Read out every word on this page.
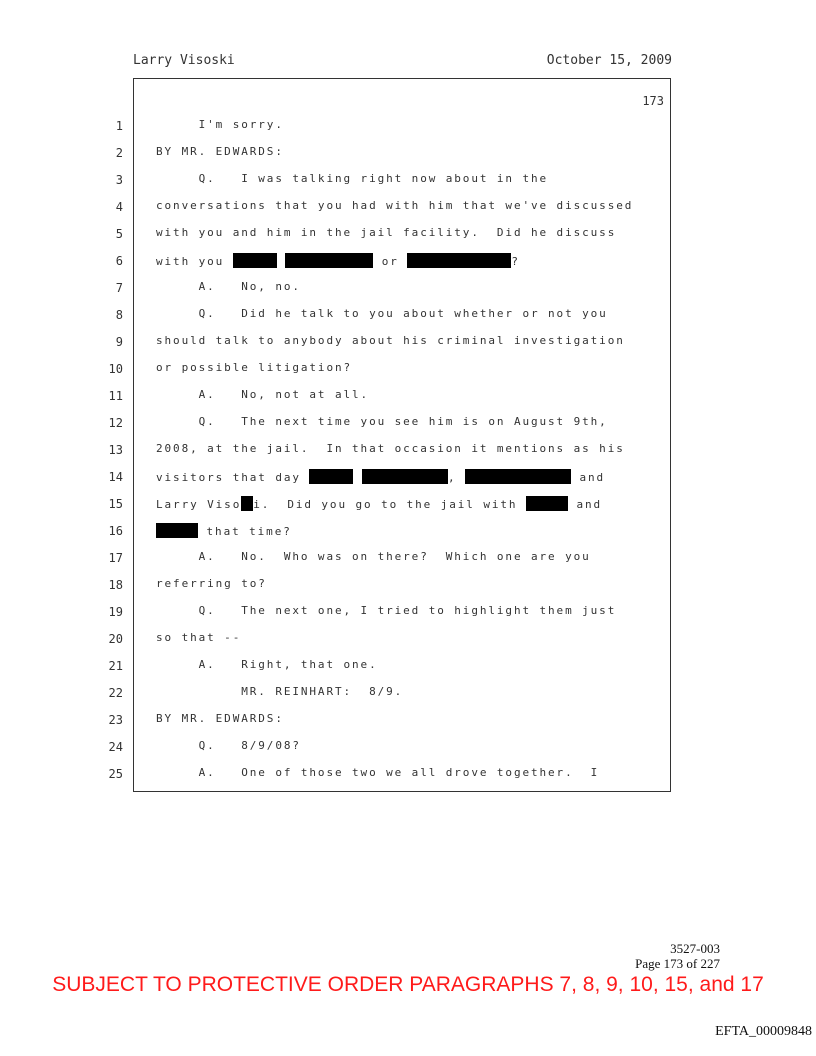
Larry Visoski	October 15, 2009
173
1	I'm sorry.
2	BY MR. EDWARDS:
3	Q.   I was talking right now about in the
4	conversations that you had with him that we've discussed
5	with you and him in the jail facility.  Did he discuss
6	with you	or	?
7	A.   No, no.
8	Q.   Did he talk to you about whether or not you
9	should talk to anybody about his criminal investigation
10	or possible litigation?
11	A.   No, not at all.
12	Q.   The next time you see him is on August 9th,
13	2008, at the jail.  In that occasion it mentions as his
14	visitors that day	,	and
15	Larry Viso i.  Did you go to the jail with	and
16	that time?
17	A.   No.  Who was on there?  Which one are you
18	referring to?
19	Q.   The next one, I tried to highlight them just
20	so that --
21	A.   Right, that one.
22	MR. REINHART:  8/9.
23	BY MR. EDWARDS:
24	Q.   8/9/08?
25	A.   One of those two we all drove together.  I
3527-003
Page 173 of 227
SUBJECT TO PROTECTIVE ORDER PARAGRAPHS 7, 8, 9, 10, 15, and 17
EFTA_00009848
